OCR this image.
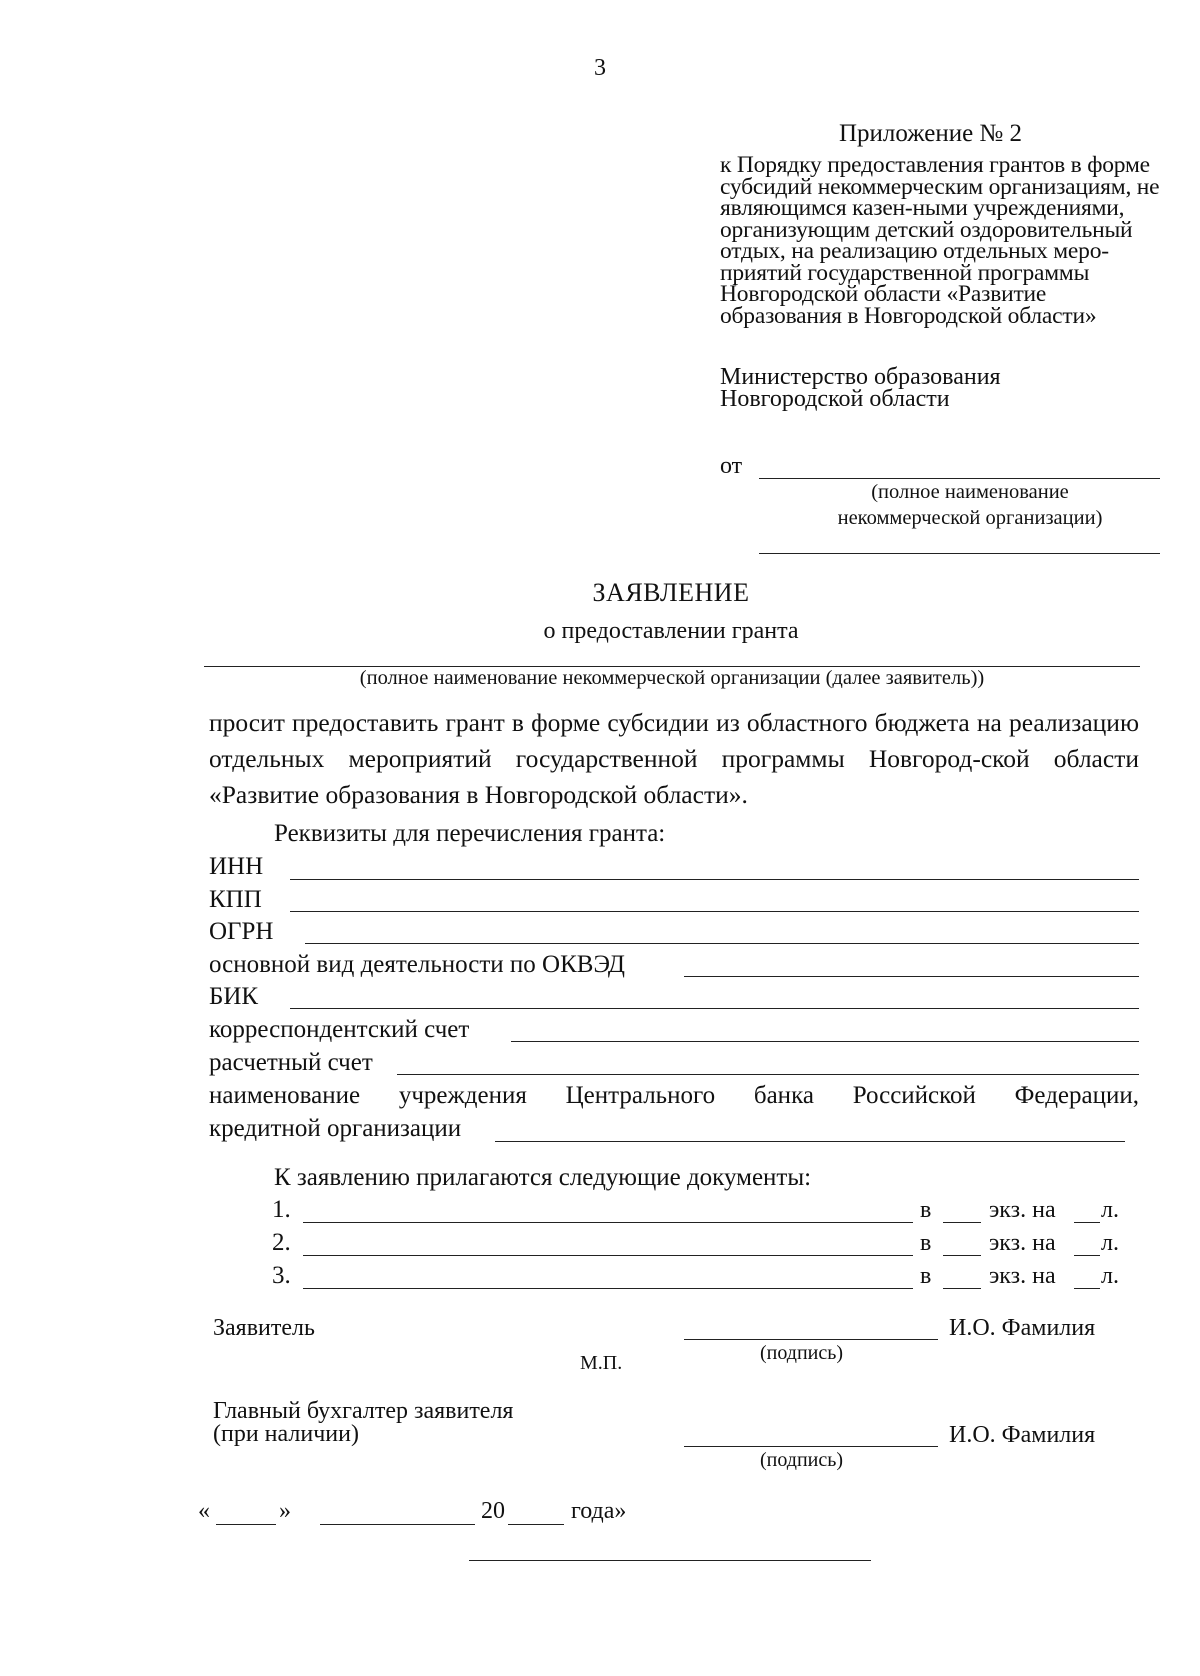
3
Приложение № 2
к Порядку предоставления грантов в форме субсидий некоммерческим организациям, не являющимся казен-ными учреждениями, организующим детский оздоровительный отдых, на реализацию отдельных меро-приятий государственной программы Новгородской области «Развитие образования в Новгородской области»
Министерство образования
Новгородской области
от
(полное наименование
некоммерческой организации)
ЗАЯВЛЕНИЕ
о предоставлении гранта
(полное наименование некоммерческой организации (далее заявитель))
просит предоставить грант в форме субсидии из областного бюджета на реализацию отдельных мероприятий государственной программы Новгород-ской области «Развитие образования в Новгородской области».
Реквизиты для перечисления гранта:
ИНН
КПП
ОГРН
основной вид деятельности по ОКВЭД
БИК
корреспондентский счет
расчетный счет
наименование учреждения Центрального банка Российской Федерации,
кредитной организации
К заявлению прилагаются следующие документы:
1.	в экз. на л.
2.	в экз. на л.
3.	в экз. на л.
Заявитель	И.О. Фамилия
(подпись)
М.П.
Главный бухгалтер заявителя
(при наличии)	И.О. Фамилия
(подпись)
«	»	20	года»
